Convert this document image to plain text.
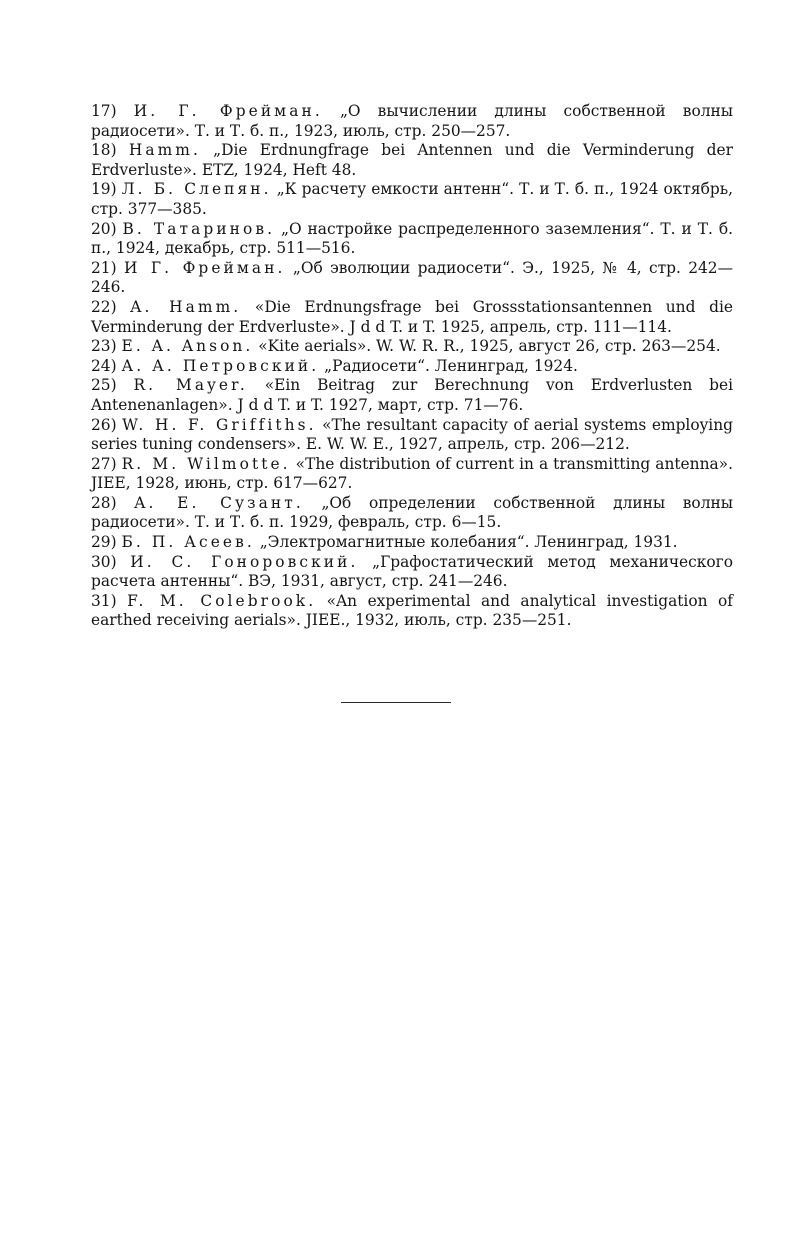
17) И. Г. Фрейман. „О вычислении длины собственной волны радиосети». Т. и Т. б. п., 1923, июль, стр. 250—257.
18) Hamm. „Die Erdnungfrage bei Antennen und die Verminderung der Erdverluste». ETZ, 1924, Heft 48.
19) Л. Б. Слепян. „К расчету емкости антенн“. Т. и Т. б. п., 1924 октябрь, стр. 377—385.
20) В. Татаринов. „О настройке распределенного заземления“. Т. и Т. б. п., 1924, декабрь, стр. 511—516.
21) И Г. Фрейман. „Об эволюции радиосети“. Э., 1925, № 4, стр. 242—246.
22) A. Hamm. «Die Erdnungsfrage bei Grossstationsantennen und die Verminderung der Erdverluste». J d d T. и T. 1925, апрель, стр. 111—114.
23) E. A. Anson. «Kite aerials». W. W. R. R., 1925, август 26, стр. 263—254.
24) А. А. Петровский. „Радиосети“. Ленинград, 1924.
25) R. Mayer. «Ein Beitrag zur Berechnung von Erdverlusten bei Antenenanlagen». J d d T. и T. 1927, март, стр. 71—76.
26) W. H. F. Griffiths. «The resultant capacity of aerial systems employing series tuning condensers». E. W. W. E., 1927, апрель, стр. 206—212.
27) R. M. Wilmotte. «The distribution of current in a transmitting antenna». JIEE, 1928, июнь, стр. 617—627.
28) A. E. Сузант. „Об определении собственной длины волны радиосети». Т. и Т. б. п. 1929, февраль, стр. 6—15.
29) Б. П. Асеев. „Электромагнитные колебания“. Ленинград, 1931.
30) И. С. Гоноровский. „Графостатический метод механического расчета антенны“. ВЭ, 1931, август, стр. 241—246.
31) F. M. Colebrook. «An experimental and analytical investigation of earthed receiving aerials». JIEE., 1932, июль, стр. 235—251.
